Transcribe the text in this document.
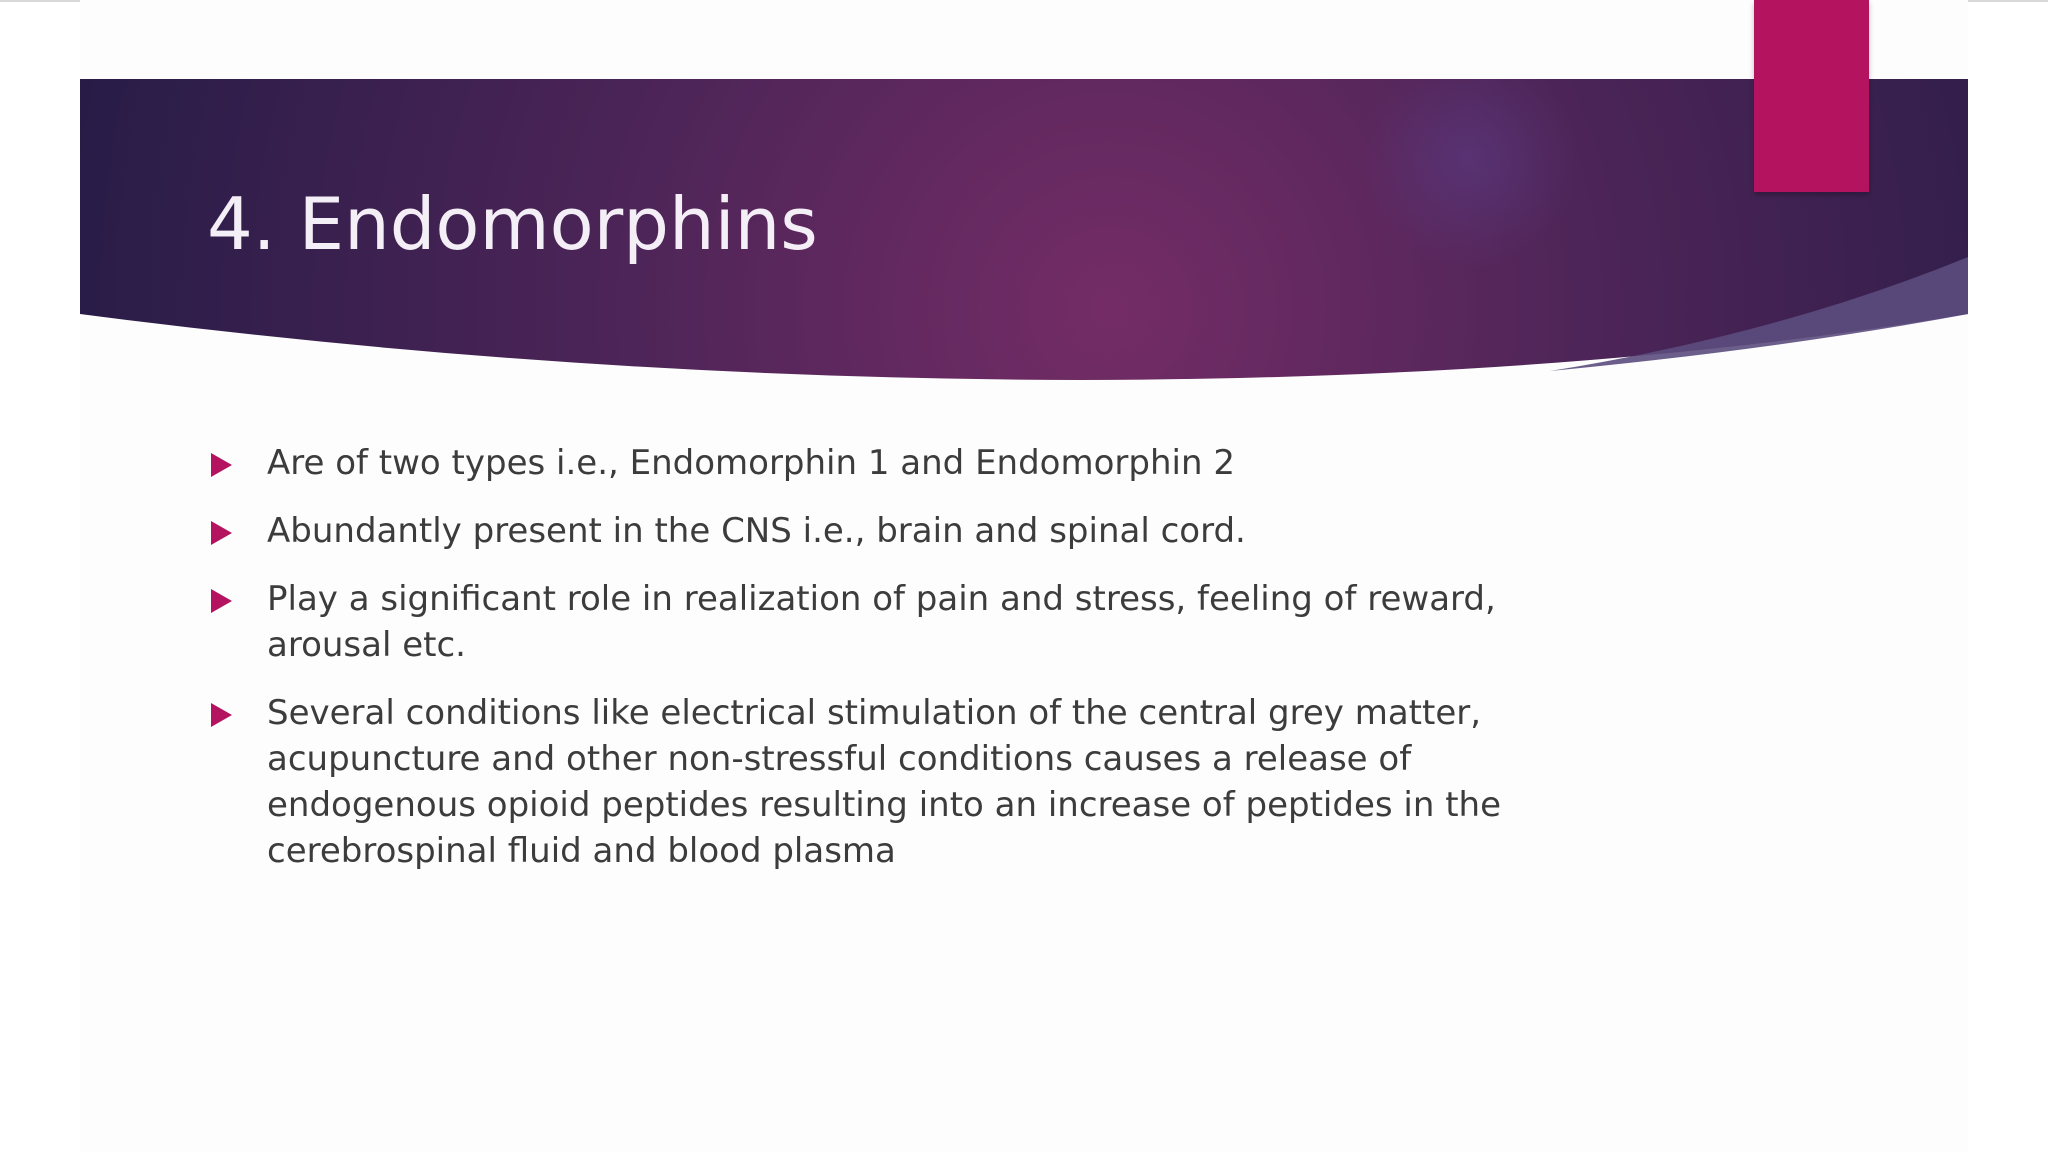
4. Endomorphins
Are of two types i.e., Endomorphin 1 and Endomorphin 2
Abundantly present in the CNS i.e., brain and spinal cord.
Play a significant role in realization of pain and stress, feeling of reward, arousal etc.
Several conditions like electrical stimulation of the central grey matter, acupuncture and other non-stressful conditions causes a release of endogenous opioid peptides resulting into an increase of peptides in the cerebrospinal fluid and blood plasma
